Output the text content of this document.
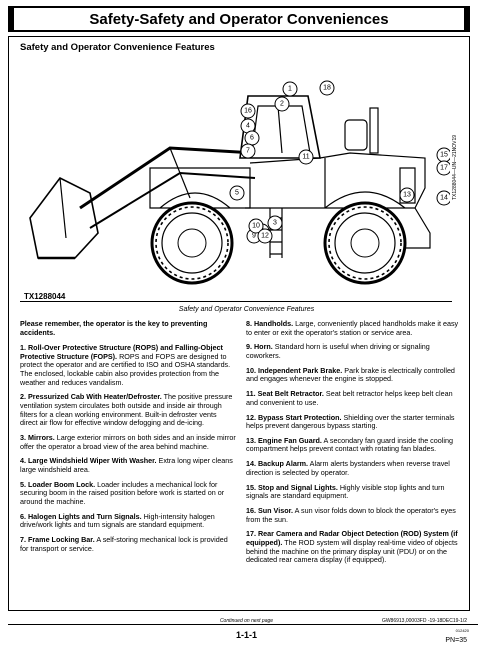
Safety-Safety and Operator Conveniences
Safety and Operator Convenience Features
1
2
3
4
5
6
7
9
10
11
12
13	14
15
16
17
18
TX1288044
TX1288044—UN—21NOV19
Safety and Operator Convenience Features
Please remember, the operator is the key to preventing accidents.
1. Roll-Over Protective Structure (ROPS) and Falling-Object Protective Structure (FOPS). ROPS and FOPS are designed to protect the operator and are certified to ISO and OSHA standards. The enclosed, lockable cabin also provides protection from the weather and reduces vandalism.
2. Pressurized Cab With Heater/Defroster. The positive pressure ventilation system circulates both outside and inside air through filters for a clean working environment. Built-in defroster vents direct air flow for effective window defogging and de-icing.
3. Mirrors. Large exterior mirrors on both sides and an inside mirror offer the operator a broad view of the area behind machine.
4. Large Windshield Wiper With Washer. Extra long wiper cleans large windshield area.
5. Loader Boom Lock. Loader includes a mechanical lock for securing boom in the raised position before work is started on or around the machine.
6. Halogen Lights and Turn Signals. High-intensity halogen drive/work lights and turn signals are standard equipment.
7. Frame Locking Bar. A self-storing mechanical lock is provided for transport or service.
8. Handholds. Large, conveniently placed handholds make it easy to enter or exit the operator's station or service area.
9. Horn. Standard horn is useful when driving or signaling coworkers.
10. Independent Park Brake. Park brake is electrically controlled and engages whenever the engine is stopped.
11. Seat Belt Retractor. Seat belt retractor helps keep belt clean and convenient to use.
12. Bypass Start Protection. Shielding over the starter terminals helps prevent dangerous bypass starting.
13. Engine Fan Guard. A secondary fan guard inside the cooling compartment helps prevent contact with rotating fan blades.
14. Backup Alarm. Alarm alerts bystanders when reverse travel direction is selected by operator.
15. Stop and Signal Lights. Highly visible stop lights and turn signals are standard equipment.
16. Sun Visor. A sun visor folds down to block the operator's eyes from the sun.
17. Rear Camera and Radar Object Detection (ROD) System (if equipped). The ROD system will display real-time video of objects behind the machine on the primary display unit (PDU) or on the dedicated rear camera display (if equipped).
Continued on next page	GW86913,00003FD -19-18DEC19-1/2
1-1-1	012420
PN=35
